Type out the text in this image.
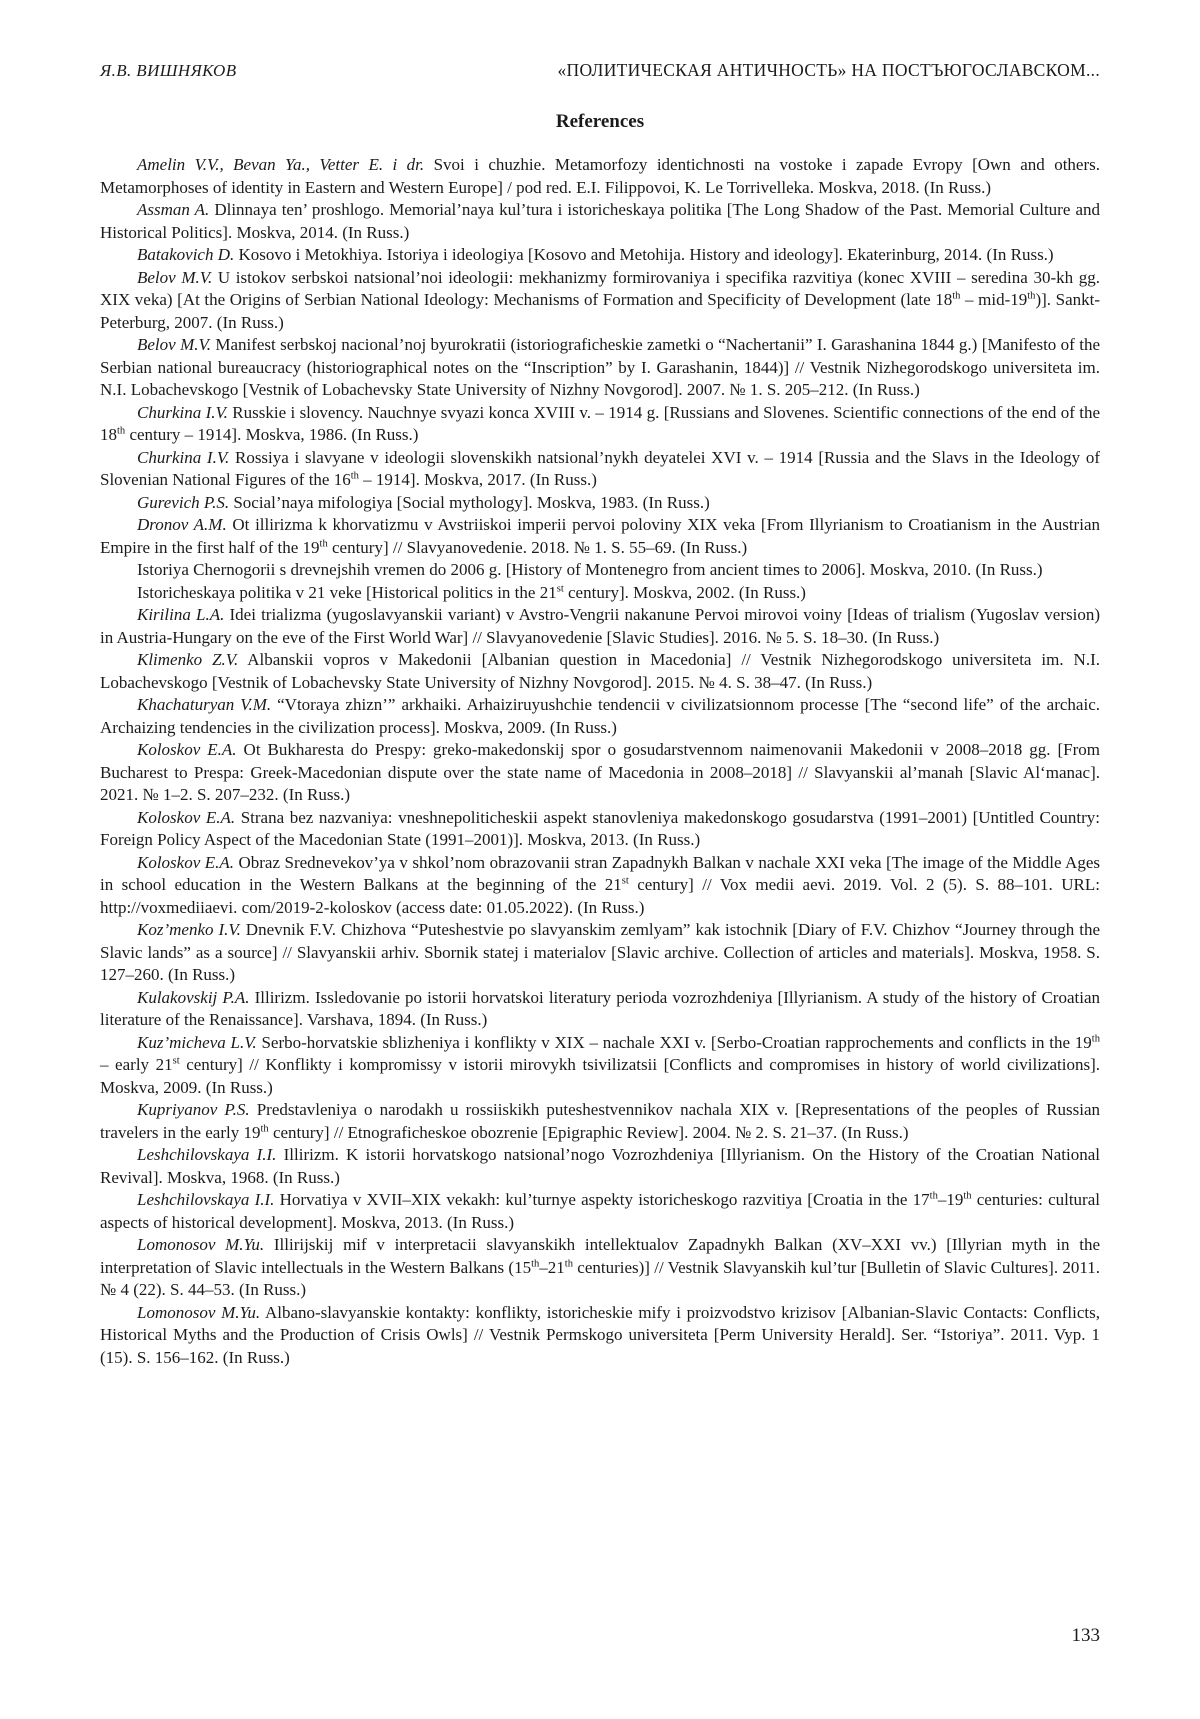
Я.В. ВИШНЯКОВ	«ПОЛИТИЧЕСКАЯ АНТИЧНОСТЬ» НА ПОСТЪЮГОСЛАВСКОМ...
References

Amelin V.V., Bevan Ya., Vetter E. i dr. Svoi i chuzhie. Metamorfozy identichnosti na vostoke i zapade Evropy [Own and others. Metamorphoses of identity in Eastern and Western Europe] / pod red. E.I. Filippovoi, K. Le Torrivelleka. Moskva, 2018. (In Russ.)

Assman A. Dlinnaya ten’ proshlogo. Memorial’naya kul’tura i istoricheskaya politika [The Long Shadow of the Past. Memorial Culture and Historical Politics]. Moskva, 2014. (In Russ.)

Batakovich D. Kosovo i Metokhiya. Istoriya i ideologiya [Kosovo and Metohija. History and ideology]. Ekaterinburg, 2014. (In Russ.)

Belov M.V. U istokov serbskoi natsional’noi ideologii: mekhanizmy formirovaniya i specifika razvitiya (konec XVIII – seredina 30-kh gg. XIX veka) [At the Origins of Serbian National Ideology: Mechanisms of Formation and Specificity of Development (late 18th – mid-19th)]. Sankt-Peterburg, 2007. (In Russ.)

Belov M.V. Manifest serbskoj nacional’noj byurokratii (istoriograficheskie zametki o “Nachertanii” I. Garashanina 1844 g.) [Manifesto of the Serbian national bureaucracy (historiographical notes on the “Inscription” by I. Garashanin, 1844)] // Vestnik Nizhegorodskogo universiteta im. N.I. Lobachevskogo [Vestnik of Lobachevsky State University of Nizhny Novgorod]. 2007. № 1. S. 205–212. (In Russ.)

Churkina I.V. Russkie i slovency. Nauchnye svyazi konca XVIII v. – 1914 g. [Russians and Slovenes. Scientific connections of the end of the 18th century – 1914]. Moskva, 1986. (In Russ.)

Churkina I.V. Rossiya i slavyane v ideologii slovenskikh natsional’nykh deyatelei XVI v. – 1914 [Russia and the Slavs in the Ideology of Slovenian National Figures of the 16th – 1914]. Moskva, 2017. (In Russ.)

Gurevich P.S. Social’naya mifologiya [Social mythology]. Moskva, 1983. (In Russ.)

Dronov A.M. Ot illirizma k khorvatizmu v Avstriiskoi imperii pervoi poloviny XIX veka [From Illyrianism to Croatianism in the Austrian Empire in the first half of the 19th century] // Slavyanovedenie. 2018. № 1. S. 55–69. (In Russ.)

Istoriya Chernogorii s drevnejshih vremen do 2006 g. [History of Montenegro from ancient times to 2006]. Moskva, 2010. (In Russ.)

Istoricheskaya politika v 21 veke [Historical politics in the 21st century]. Moskva, 2002. (In Russ.)

Kirilina L.A. Idei trializma (yugoslavyanskii variant) v Avstro-Vengrii nakanune Pervoi mirovoi voiny [Ideas of trialism (Yugoslav version) in Austria-Hungary on the eve of the First World War] // Slavyanovedenie [Slavic Studies]. 2016. № 5. S. 18–30. (In Russ.)

Klimenko Z.V. Albanskii vopros v Makedonii [Albanian question in Macedonia] // Vestnik Nizhegorodskogo universiteta im. N.I. Lobachevskogo [Vestnik of Lobachevsky State University of Nizhny Novgorod]. 2015. № 4. S. 38–47. (In Russ.)

Khachaturyan V.M. “Vtoraya zhizn’” arkhaiki. Arhaiziruyushchie tendencii v civilizatsionnom processe [The “second life” of the archaic. Archaizing tendencies in the civilization process]. Moskva, 2009. (In Russ.)

Koloskov E.A. Ot Bukharesta do Prespy: greko-makedonskij spor o gosudarstvennom naimenovanii Makedonii v 2008–2018 gg. [From Bucharest to Prespa: Greek-Macedonian dispute over the state name of Macedonia in 2008–2018] // Slavyanskii al’manah [Slavic Al‘manac]. 2021. № 1–2. S. 207–232. (In Russ.)

Koloskov E.A. Strana bez nazvaniya: vneshnepoliticheskii aspekt stanovleniya makedonskogo gosudarstva (1991–2001) [Untitled Country: Foreign Policy Aspect of the Macedonian State (1991–2001)]. Moskva, 2013. (In Russ.)

Koloskov E.A. Obraz Srednevekov’ya v shkol’nom obrazovanii stran Zapadnykh Balkan v nachale XXI veka [The image of the Middle Ages in school education in the Western Balkans at the beginning of the 21st century] // Vox medii aevi. 2019. Vol. 2 (5). S. 88–101. URL: http://voxmediiaevi. com/2019-2-koloskov (access date: 01.05.2022). (In Russ.)

Koz’menko I.V. Dnevnik F.V. Chizhova “Puteshestvie po slavyanskim zemlyam” kak istochnik [Diary of F.V. Chizhov “Journey through the Slavic lands” as a source] // Slavyanskii arhiv. Sbornik statej i materialov [Slavic archive. Collection of articles and materials]. Moskva, 1958. S. 127–260. (In Russ.)

Kulakovskij P.A. Illirizm. Issledovanie po istorii horvatskoi literatury perioda vozrozhdeniya [Illyrianism. A study of the history of Croatian literature of the Renaissance]. Varshava, 1894. (In Russ.)

Kuz’micheva L.V. Serbo-horvatskie sblizheniya i konflikty v XIX – nachale XXI v. [Serbo-Croatian rapprochements and conflicts in the 19th – early 21st century] // Konflikty i kompromissy v istorii mirovykh tsivilizatsii [Conflicts and compromises in history of world civilizations]. Moskva, 2009. (In Russ.)

Kupriyanov P.S. Predstavleniya o narodakh u rossiiskikh puteshestvennikov nachala XIX v. [Representations of the peoples of Russian travelers in the early 19th century] // Etnograficheskoe obozrenie [Epigraphic Review]. 2004. № 2. S. 21–37. (In Russ.)

Leshchilovskaya I.I. Illirizm. K istorii horvatskogo natsional’nogo Vozrozhdeniya [Illyrianism. On the History of the Croatian National Revival]. Moskva, 1968. (In Russ.)

Leshchilovskaya I.I. Horvatiya v XVII–XIX vekakh: kul’turnye aspekty istoricheskogo razvitiya [Croatia in the 17th–19th centuries: cultural aspects of historical development]. Moskva, 2013. (In Russ.)

Lomonosov M.Yu. Illirijskij mif v interpretacii slavyanskikh intellektualov Zapadnykh Balkan (XV–XXI vv.) [Illyrian myth in the interpretation of Slavic intellectuals in the Western Balkans (15th–21th centuries)] // Vestnik Slavyanskih kul’tur [Bulletin of Slavic Cultures]. 2011. № 4 (22). S. 44–53. (In Russ.)

Lomonosov M.Yu. Albano-slavyanskie kontakty: konflikty, istoricheskie mify i proizvodstvo krizisov [Albanian-Slavic Contacts: Conflicts, Historical Myths and the Production of Crisis Owls] // Vestnik Permskogo universiteta [Perm University Herald]. Ser. “Istoriya”. 2011. Vyp. 1 (15). S. 156–162. (In Russ.)

133
